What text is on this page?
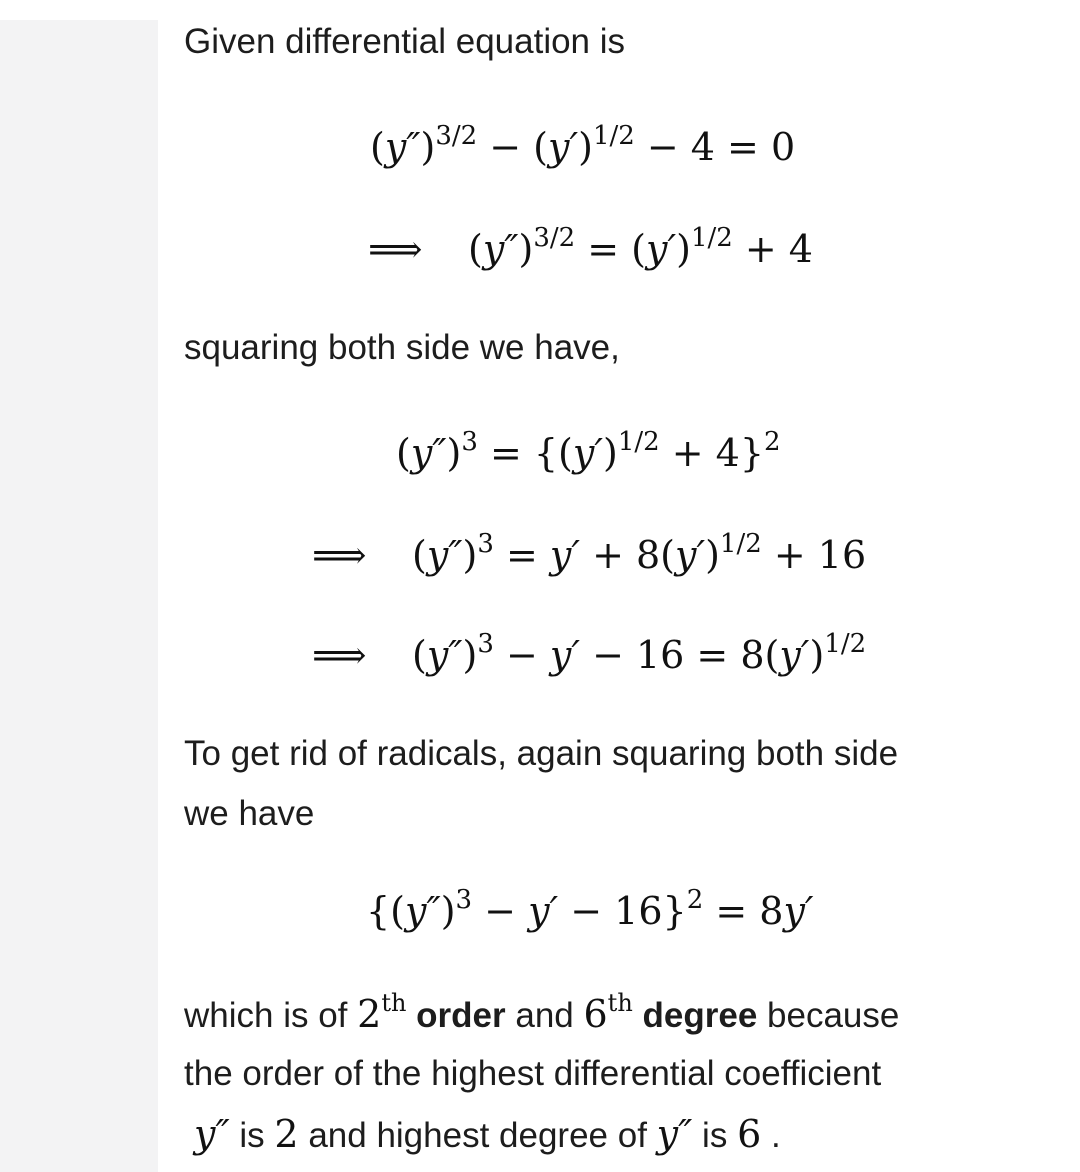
Given differential equation is
$(y'')^{3/2} - (y')^{1/2} - 4 = 0$
⟹ $(y'')^{3/2} = (y')^{1/2} + 4$
squaring both side we have,
$(y'')^3 = \{(y')^{1/2} + 4\}^2$
⟹ $(y'')^3 = y' + 8(y')^{1/2} + 16$
⟹ $(y'')^3 - y' - 16 = 8(y')^{1/2}$
To get rid of radicals, again squaring both side
we have
$\{(y'')^3 - y' - 16\}^2 = 8y'$
which is of 2th order and 6th degree because
the order of the highest differential coefficient
y″ is 2 and highest degree of y″ is 6 .
